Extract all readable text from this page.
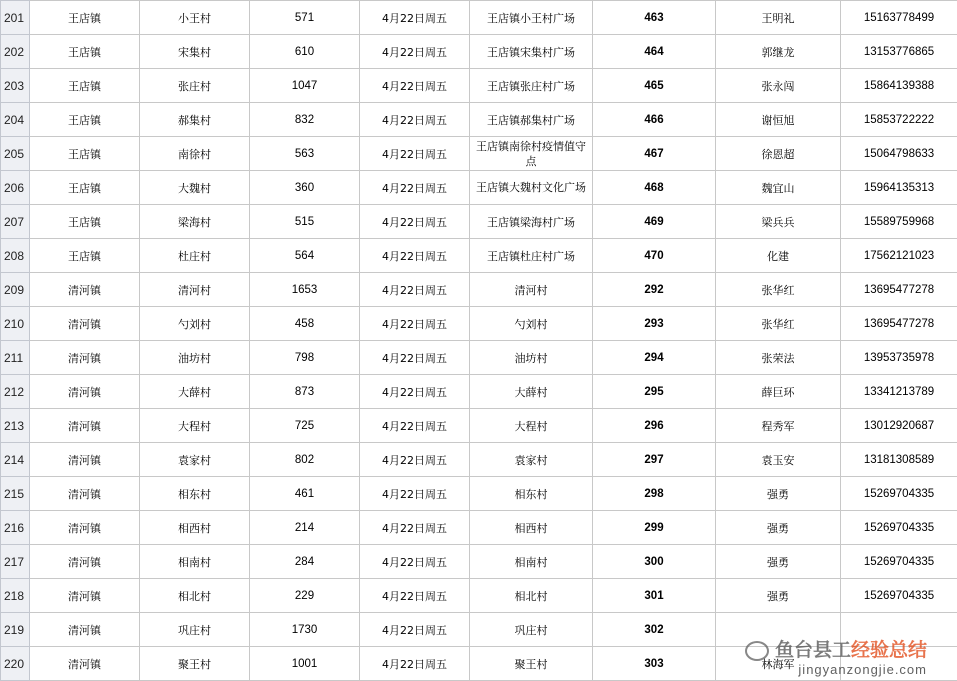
201	王店镇	小王村	571	4月22日周五	王店镇小王村广场	463	王明礼	15163778499
202	王店镇	宋集村	610	4月22日周五	王店镇宋集村广场	464	郭继龙	13153776865
203	王店镇	张庄村	1047	4月22日周五	王店镇张庄村广场	465	张永闯	15864139388
204	王店镇	郝集村	832	4月22日周五	王店镇郝集村广场	466	谢恒旭	15853722222
205	王店镇	南徐村	563	4月22日周五	王店镇南徐村疫情值守点	467	徐恩超	15064798633
206	王店镇	大魏村	360	4月22日周五	王店镇大魏村文化广场	468	魏宜山	15964135313
207	王店镇	梁海村	515	4月22日周五	王店镇梁海村广场	469	梁兵兵	15589759968
208	王店镇	杜庄村	564	4月22日周五	王店镇杜庄村广场	470	化建	17562121023
209	清河镇	清河村	1653	4月22日周五	清河村	292	张华红	13695477278
210	清河镇	勺刘村	458	4月22日周五	勺刘村	293	张华红	13695477278
211	清河镇	油坊村	798	4月22日周五	油坊村	294	张荣法	13953735978
212	清河镇	大薛村	873	4月22日周五	大薛村	295	薛巨环	13341213789
213	清河镇	大程村	725	4月22日周五	大程村	296	程秀军	13012920687
214	清河镇	袁家村	802	4月22日周五	袁家村	297	袁玉安	13181308589
215	清河镇	相东村	461	4月22日周五	相东村	298	强勇	15269704335
216	清河镇	相西村	214	4月22日周五	相西村	299	强勇	15269704335
217	清河镇	相南村	284	4月22日周五	相南村	300	强勇	15269704335
218	清河镇	相北村	229	4月22日周五	相北村	301	强勇	15269704335
219	清河镇	巩庄村	1730	4月22日周五	巩庄村	302		
220	清河镇	聚王村	1001	4月22日周五	聚王村	303	林海军	
鱼台县工经验总结
jingyanzongjie.com
